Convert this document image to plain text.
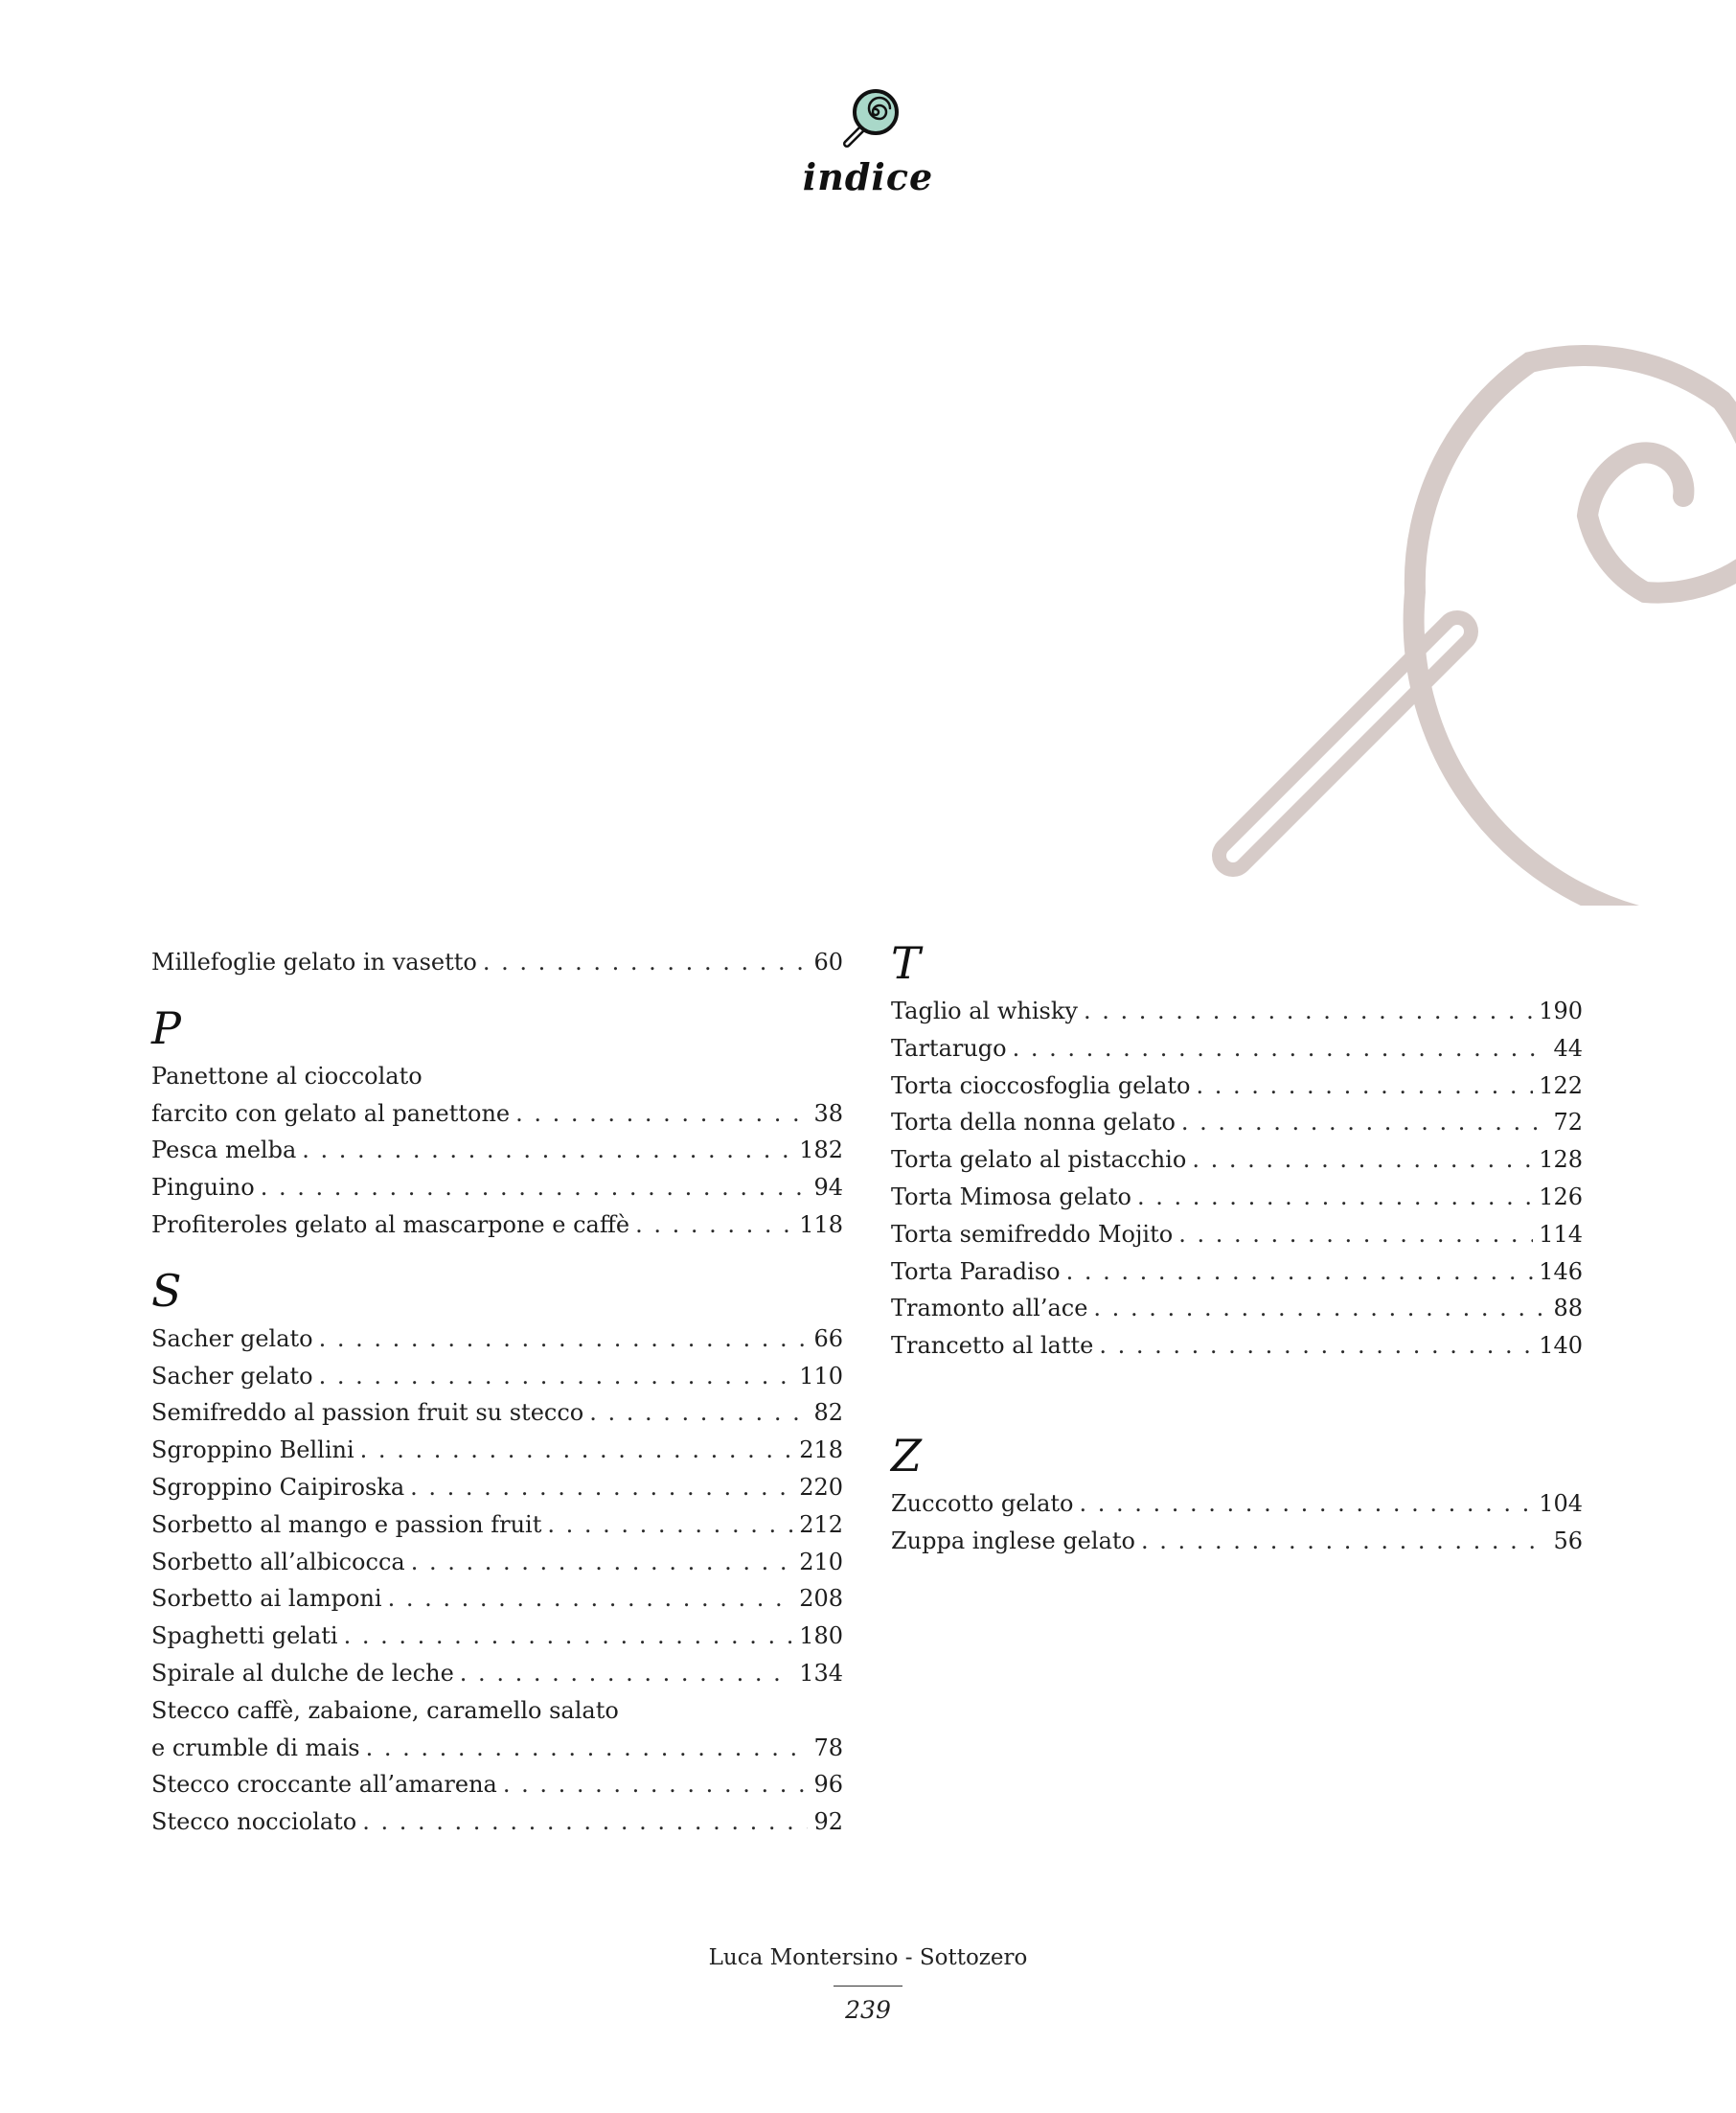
indice
Millefoglie gelato in vasetto . . .	60
P
Panettone al cioccolato
farcito con gelato al panettone . . .	38
Pesca melba . . .	182
Pinguino . . .	94
Profiteroles gelato al mascarpone e caffè . . .	118
S
Sacher gelato . . .	66
Sacher gelato . . .	110
Semifreddo al passion fruit su stecco . . .	82
Sgroppino Bellini . . .	218
Sgroppino Caipiroska . . .	220
Sorbetto al mango e passion fruit . . .	212
Sorbetto all’albicocca . . .	210
Sorbetto ai lamponi . . .	208
Spaghetti gelati . . .	180
Spirale al dulche de leche . . .	134
Stecco caffè, zabaione, caramello salato
e crumble di mais . . .	78
Stecco croccante all’amarena . . .	96
Stecco nocciolato . . .	92
T
Taglio al whisky . . .	190
Tartarugo . . .	44
Torta cioccosfoglia gelato . . .	122
Torta della nonna gelato . . .	72
Torta gelato al pistacchio . . .	128
Torta Mimosa gelato . . .	126
Torta semifreddo Mojito . . .	114
Torta Paradiso . . .	146
Tramonto all’ace . . .	88
Trancetto al latte . . .	140
Z
Zuccotto gelato . . .	104
Zuppa inglese gelato . . .	56
Luca Montersino - Sottozero
239
